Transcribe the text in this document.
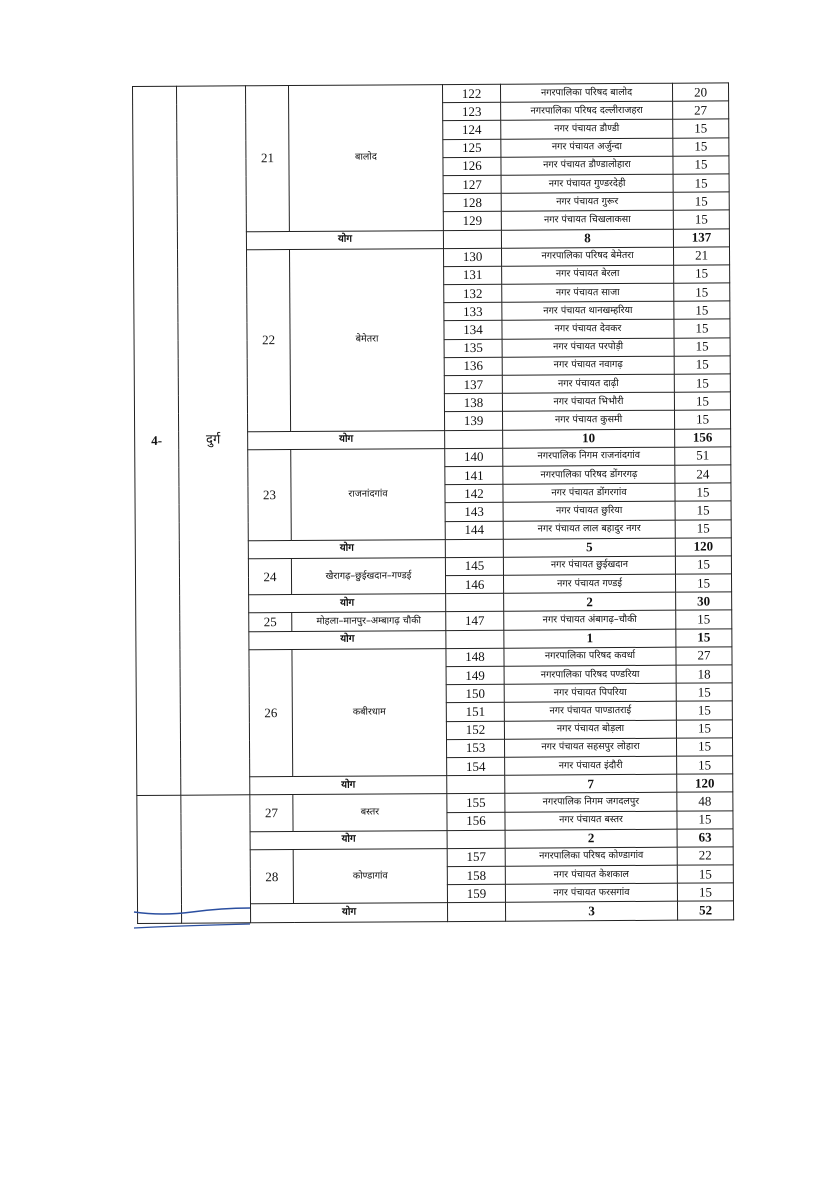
4-	दुर्ग	21	बालोद	122	नगरपालिका परिषद बालोद	20
				123	नगरपालिका परिषद दल्लीराजहरा	27
				124	नगर पंचायत डौण्डी	15
				125	नगर पंचायत अर्जुन्दा	15
				126	नगर पंचायत डौण्डालोहारा	15
				127	नगर पंचायत गुण्डरदेही	15
				128	नगर पंचायत गुरूर	15
				129	नगर पंचायत चिखलाकसा	15
		योग			8	137
		22	बेमेतरा	130	नगरपालिका परिषद बेमेतरा	21
				131	नगर पंचायत बेरला	15
				132	नगर पंचायत साजा	15
				133	नगर पंचायत थानखम्हरिया	15
				134	नगर पंचायत देवकर	15
				135	नगर पंचायत परपोड़ी	15
				136	नगर पंचायत नवागढ़	15
				137	नगर पंचायत दाढ़ी	15
				138	नगर पंचायत भिभौरी	15
				139	नगर पंचायत कुसमी	15
		योग			10	156
		23	राजनांदगांव	140	नगरपालिक निगम राजनांदगांव	51
				141	नगरपालिका परिषद डोंगरगढ़	24
				142	नगर पंचायत डोंगरगांव	15
				143	नगर पंचायत छुरिया	15
				144	नगर पंचायत लाल बहादुर नगर	15
		योग			5	120
		24	खैरागढ़–छुईखदान–गण्डई	145	नगर पंचायत छुईखदान	15
				146	नगर पंचायत गण्डई	15
		योग			2	30
		25	मोहला–मानपुर–अम्बागढ़ चौकी	147	नगर पंचायत अंबागढ़–चौकी	15
		योग			1	15
		26	कबीरधाम	148	नगरपालिका परिषद कवर्धा	27
				149	नगरपालिका परिषद पण्डरिया	18
				150	नगर पंचायत पिपरिया	15
				151	नगर पंचायत पाण्डातराई	15
				152	नगर पंचायत बोड़ला	15
				153	नगर पंचायत सहसपुर लोहारा	15
				154	नगर पंचायत इंदौरी	15
		योग			7	120
		27	बस्तर	155	नगरपालिक निगम जगदलपुर	48
				156	नगर पंचायत बस्तर	15
		योग			2	63
		28	कोण्डागांव	157	नगरपालिका परिषद कोण्डागांव	22
				158	नगर पंचायत केशकाल	15
				159	नगर पंचायत फरसगांव	15
		योग			3	52
